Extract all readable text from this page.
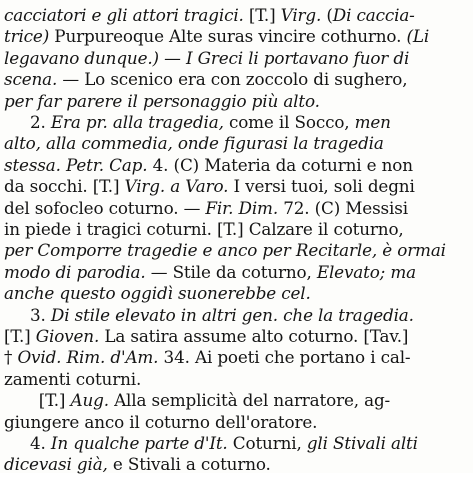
cacciatori e gli attori tragici. [T.] Virg. (Di caccia-
trice) Purpureoque Alte suras vincire cothurno. (Li
legavano dunque.) — I Greci li portavano fuor di
scena. — Lo scenico era con zoccolo di sughero,
per far parere il personaggio più alto.
2. Era pr. alla tragedia, come il Socco, men
alto, alla commedia, onde figurasi la tragedia
stessa. Petr. Cap. 4. (C) Materia da coturni e non
da socchi. [T.] Virg. a Varo. I versi tuoi, soli degni
del sofocleo coturno. — Fir. Dim. 72. (C) Messisi
in piede i tragici coturni. [T.] Calzare il coturno,
per Comporre tragedie e anco per Recitarle, è ormai
modo di parodia. — Stile da coturno, Elevato; ma
anche questo oggidì suonerebbe cel.
3. Di stile elevato in altri gen. che la tragedia.
[T.] Gioven. La satira assume alto coturno. [Tav.]
† Ovid. Rim. d'Am. 34. Ai poeti che portano i cal-
zamenti coturni.
[T.] Aug. Alla semplicità del narratore, ag-
giungere anco il coturno dell'oratore.
4. In qualche parte d'It. Coturni, gli Stivali alti
dicevasi già, e Stivali a coturno.
